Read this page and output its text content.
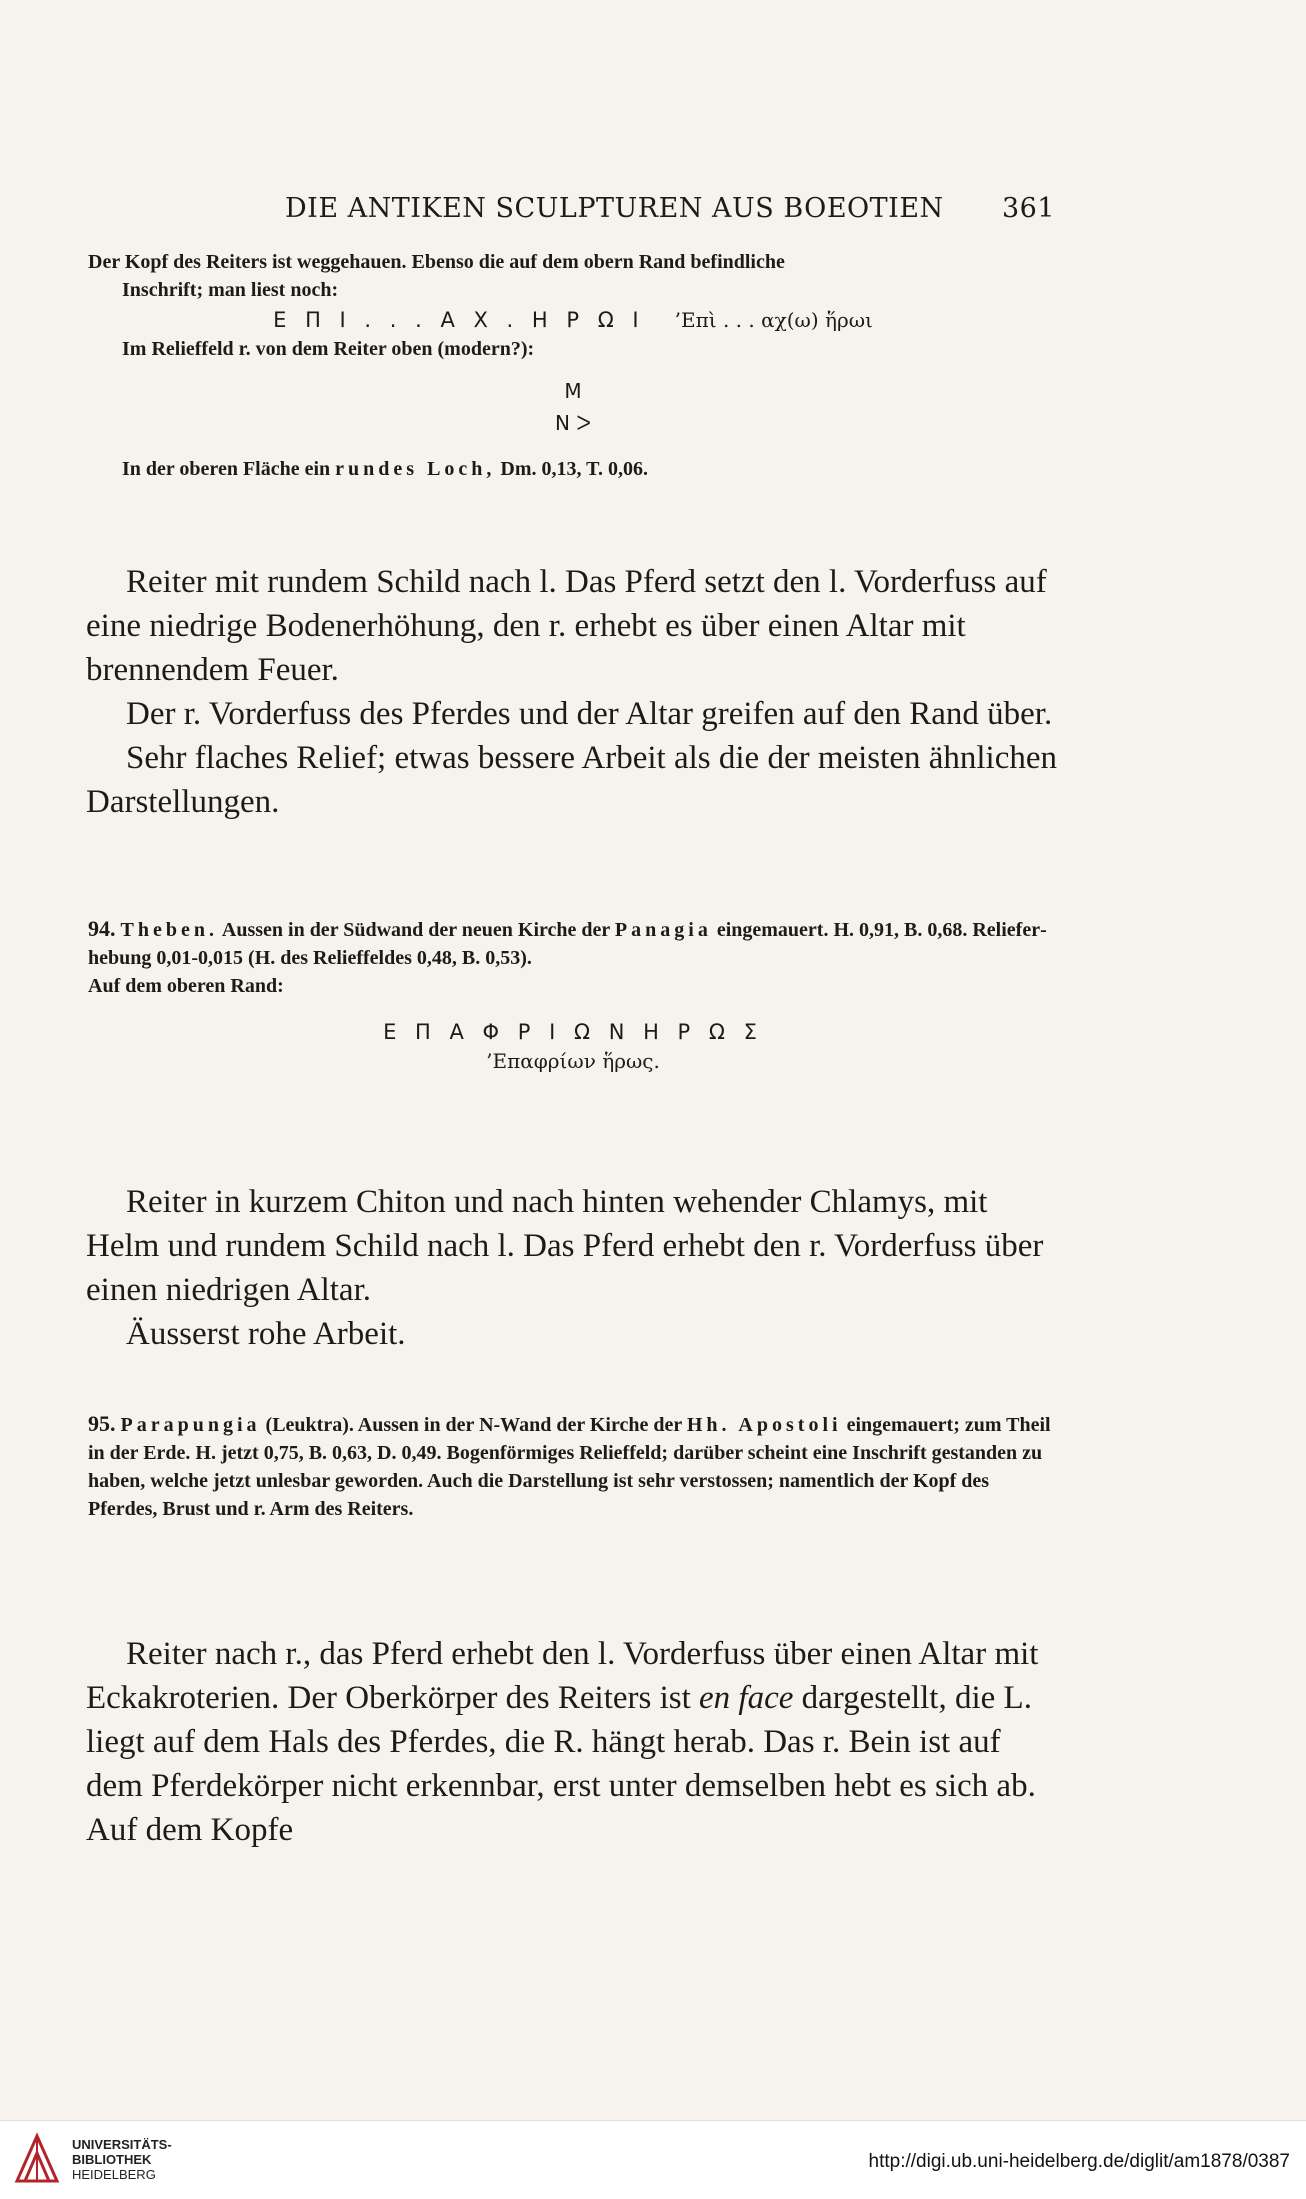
DIE ANTIKEN SCULPTUREN AUS BOEOTIEN 361
Der Kopf des Reiters ist weggehauen. Ebenso die auf dem obern Rand befindliche
Inschrift; man liest noch:
Ε Π Ι . . . Α Χ . Η Ρ Ω Ι ’Επὶ . . . αχ(ω) ἥρωι
Im Relieffeld r. von dem Reiter oben (modern?):
M
N ᐳ
In der oberen Fläche ein rundes Loch, Dm. 0,13, T. 0,06.

Reiter mit rundem Schild nach l. Das Pferd setzt den l. Vorderfuss auf eine niedrige Bodenerhöhung, den r. erhebt es über einen Altar mit brennendem Feuer.

Der r. Vorderfuss des Pferdes und der Altar greifen auf den Rand über.

Sehr flaches Relief; etwas bessere Arbeit als die der meisten ähnlichen Darstellungen.

94. Theben. Aussen in der Südwand der neuen Kirche der Panagia eingemauert. H. 0,91, B. 0,68. Relieferhebung 0,01-0,015 (H. des Relieffeldes 0,48, B. 0,53).
Auf dem oberen Rand:
Ε Π Α Φ Ρ Ι Ω Ν Η Ρ Ω Σ
’Επαφρίων ἥρως.

Reiter in kurzem Chiton und nach hinten wehender Chlamys, mit Helm und rundem Schild nach l. Das Pferd erhebt den r. Vorderfuss über einen niedrigen Altar.

Äusserst rohe Arbeit.

95. Parapungia (Leuktra). Aussen in der N-Wand der Kirche der Hh. Apostoli eingemauert; zum Theil in der Erde. H. jetzt 0,75, B. 0,63, D. 0,49. Bogenförmiges Relieffeld; darüber scheint eine Inschrift gestanden zu haben, welche jetzt unlesbar geworden. Auch die Darstellung ist sehr verstossen; namentlich der Kopf des Pferdes, Brust und r. Arm des Reiters.

Reiter nach r., das Pferd erhebt den l. Vorderfuss über einen Altar mit Eckakroterien. Der Oberkörper des Reiters ist en face dargestellt, die L. liegt auf dem Hals des Pferdes, die R. hängt herab. Das r. Bein ist auf dem Pferdekörper nicht erkennbar, erst unter demselben hebt es sich ab. Auf dem Kopfe

UNIVERSITÄTS-
BIBLIOTHEK
HEIDELBERG
http://digi.ub.uni-heidelberg.de/diglit/am1878/0387
